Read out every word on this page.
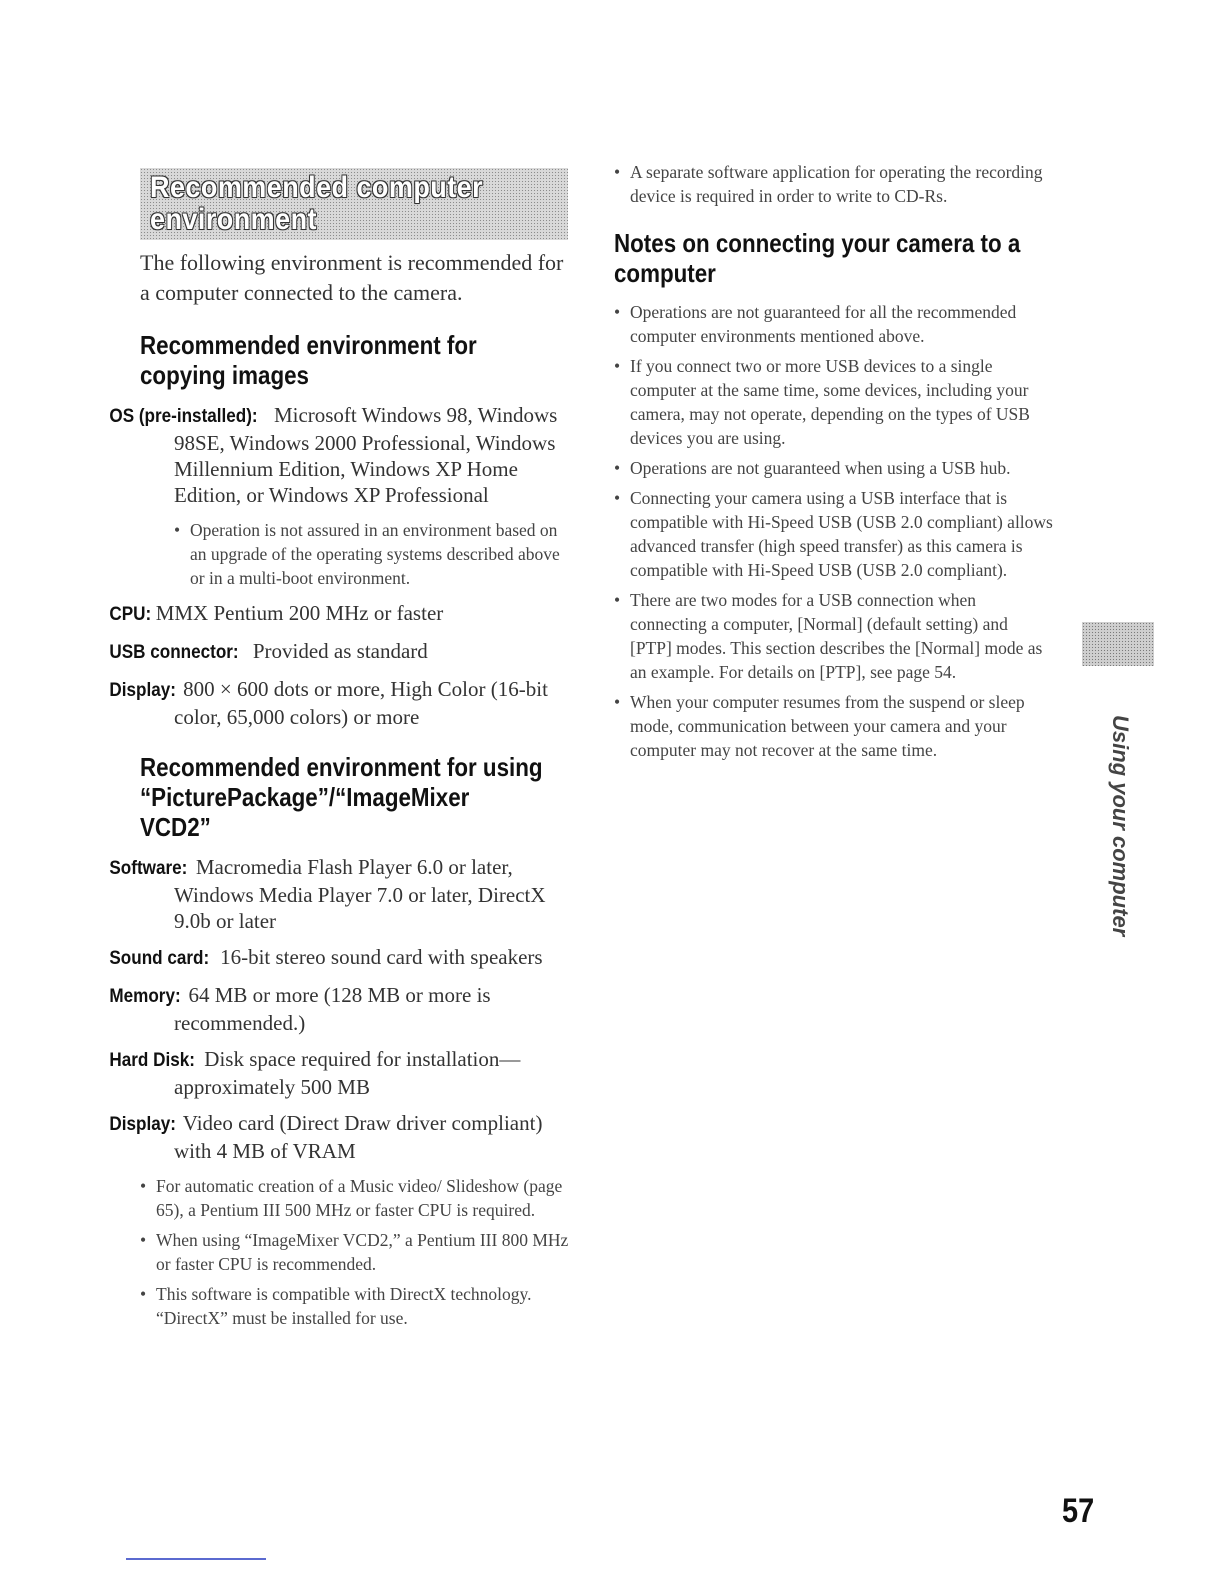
Recommended computer
environment

The following environment is recommended for a computer connected to the camera.

Recommended environment for
copying images
OS (pre-installed): Microsoft Windows 98, Windows 98SE, Windows 2000 Professional, Windows Millennium Edition, Windows XP Home Edition, or Windows XP Professional
• Operation is not assured in an environment based on an upgrade of the operating systems described above or in a multi-boot environment.
CPU: MMX Pentium 200 MHz or faster
USB connector: Provided as standard
Display: 800 × 600 dots or more, High Color (16-bit color, 65,000 colors) or more
Recommended environment for using
“PicturePackage”/“ImageMixer
VCD2”
Software: Macromedia Flash Player 6.0 or later, Windows Media Player 7.0 or later, DirectX 9.0b or later
Sound card: 16-bit stereo sound card with speakers
Memory: 64 MB or more (128 MB or more is recommended.)
Hard Disk: Disk space required for installation—approximately 500 MB
Display: Video card (Direct Draw driver compliant) with 4 MB of VRAM
• For automatic creation of a Music video/ Slideshow (page 65), a Pentium III 500 MHz or faster CPU is required.
• When using “ImageMixer VCD2,” a Pentium III 800 MHz or faster CPU is recommended.
• This software is compatible with DirectX technology. “DirectX” must be installed for use.
• A separate software application for operating the recording device is required in order to write to CD-Rs.
Notes on connecting your camera to a
computer
• Operations are not guaranteed for all the recommended computer environments mentioned above.
• If you connect two or more USB devices to a single computer at the same time, some devices, including your camera, may not operate, depending on the types of USB devices you are using.
• Operations are not guaranteed when using a USB hub.
• Connecting your camera using a USB interface that is compatible with Hi-Speed USB (USB 2.0 compliant) allows advanced transfer (high speed transfer) as this camera is compatible with Hi-Speed USB (USB 2.0 compliant).
• There are two modes for a USB connection when connecting a computer, [Normal] (default setting) and [PTP] modes. This section describes the [Normal] mode as an example. For details on [PTP], see page 54.
• When your computer resumes from the suspend or sleep mode, communication between your camera and your computer may not recover at the same time.	Using your computer
57
